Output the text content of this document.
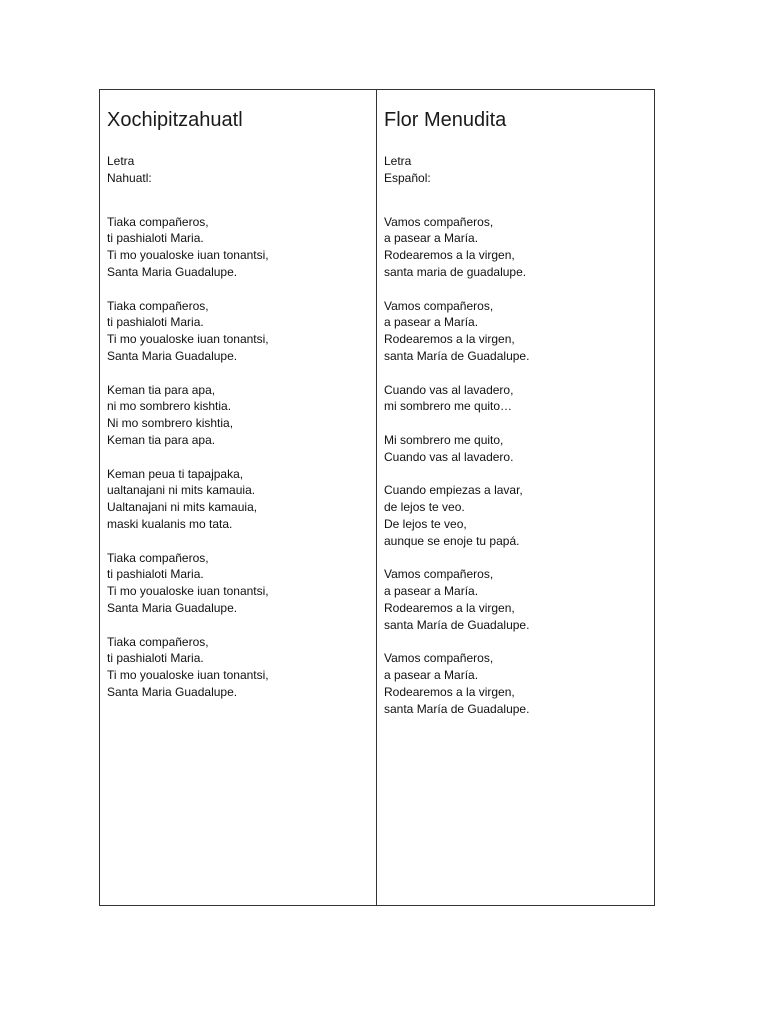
Xochipitzahuatl
Letra
Nahuatl:
Tiaka compañeros,
ti pashialoti Maria.
Ti mo youaloske iuan tonantsi,
Santa Maria Guadalupe.
Tiaka compañeros,
ti pashialoti Maria.
Ti mo youaloske iuan tonantsi,
Santa Maria Guadalupe.
Keman tia para apa,
ni mo sombrero kishtia.
Ni mo sombrero kishtia,
Keman tia para apa.
Keman peua ti tapajpaka,
ualtanajani ni mits kamauia.
Ualtanajani ni mits kamauia,
maski kualanis mo tata.
Tiaka compañeros,
ti pashialoti Maria.
Ti mo youaloske iuan tonantsi,
Santa Maria Guadalupe.
Tiaka compañeros,
ti pashialoti Maria.
Ti mo youaloske iuan tonantsi,
Santa Maria Guadalupe.
Flor Menudita
Letra
Español:
Vamos compañeros,
a pasear a María.
Rodearemos a la virgen,
santa maria de guadalupe.
Vamos compañeros,
a pasear a María.
Rodearemos a la virgen,
santa María de Guadalupe.
Cuando vas al lavadero,
mi sombrero me quito…
Mi sombrero me quito,
Cuando vas al lavadero.
Cuando empiezas a lavar,
de lejos te veo.
De lejos te veo,
aunque se enoje tu papá.
Vamos compañeros,
a pasear a María.
Rodearemos a la virgen,
santa María de Guadalupe.
Vamos compañeros,
a pasear a María.
Rodearemos a la virgen,
santa María de Guadalupe.
